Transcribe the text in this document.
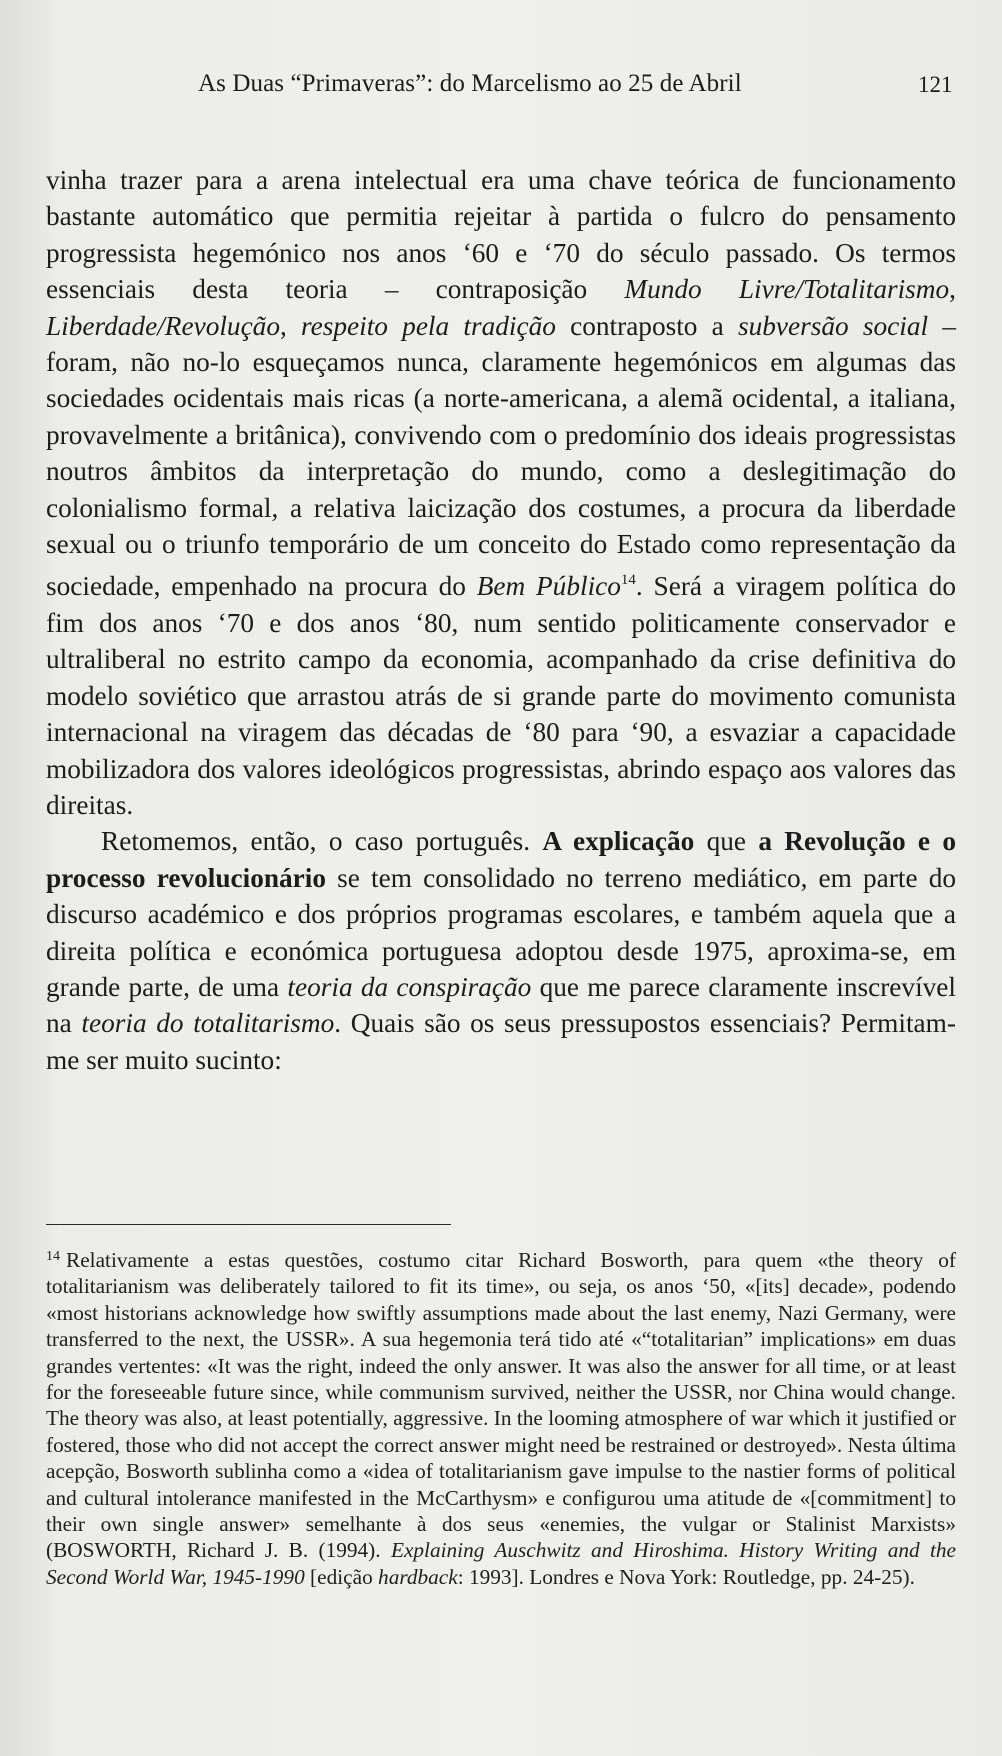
As Duas “Primaveras”: do Marcelismo ao 25 de Abril	121

vinha trazer para a arena intelectual era uma chave teórica de funcionamento bastante automático que permitia rejeitar à partida o fulcro do pensamento progressista hegemónico nos anos ‘60 e ‘70 do século passado. Os termos essenciais desta teoria – contraposição Mundo Livre/Totalitarismo, Liberdade/Revolução, respeito pela tradição contraposto a subversão social – foram, não no-lo esqueçamos nunca, claramente hegemónicos em algumas das sociedades ocidentais mais ricas (a norte-americana, a alemã ocidental, a italiana, provavelmente a britânica), convivendo com o predomínio dos ideais progressistas noutros âmbitos da interpretação do mundo, como a deslegitimação do colonialismo formal, a relativa laicização dos costumes, a procura da liberdade sexual ou o triunfo temporário de um conceito do Estado como representação da sociedade, empenhado na procura do Bem Público$^{14}$. Será a viragem política do fim dos anos ‘70 e dos anos ‘80, num sentido politicamente conservador e ultraliberal no estrito campo da economia, acompanhado da crise definitiva do modelo soviético que arrastou atrás de si grande parte do movimento comunista internacional na viragem das décadas de ‘80 para ‘90, a esvaziar a capacidade mobilizadora dos valores ideológicos progressistas, abrindo espaço aos valores das direitas.

Retomemos, então, o caso português. A explicação que a Revolução e o processo revolucionário se tem consolidado no terreno mediático, em parte do discurso académico e dos próprios programas escolares, e também aquela que a direita política e económica portuguesa adoptou desde 1975, aproxima-se, em grande parte, de uma teoria da conspiração que me parece claramente inscrevível na teoria do totalitarismo. Quais são os seus pressupostos essenciais? Permitam-me ser muito sucinto:

$^{14}$ Relativamente a estas questões, costumo citar Richard Bosworth, para quem «the theory of totalitarianism was deliberately tailored to fit its time», ou seja, os anos ‘50, «[its] decade», podendo «most historians acknowledge how swiftly assumptions made about the last enemy, Nazi Germany, were transferred to the next, the USSR». A sua hegemonia terá tido até «“totalitarian” implications» em duas grandes vertentes: «It was the right, indeed the only answer. It was also the answer for all time, or at least for the foreseeable future since, while communism survived, neither the USSR, nor China would change. The theory was also, at least potentially, aggressive. In the looming atmosphere of war which it justified or fostered, those who did not accept the correct answer might need be restrained or destroyed». Nesta última acepção, Bosworth sublinha como a «idea of totalitarianism gave impulse to the nastier forms of political and cultural intolerance manifested in the McCarthysm» e configurou uma atitude de «[commitment] to their own single answer» semelhante à dos seus «enemies, the vulgar or Stalinist Marxists» (BOSWORTH, Richard J. B. (1994). Explaining Auschwitz and Hiroshima. History Writing and the Second World War, 1945-1990 [edição hardback: 1993]. Londres e Nova York: Routledge, pp. 24-25).
